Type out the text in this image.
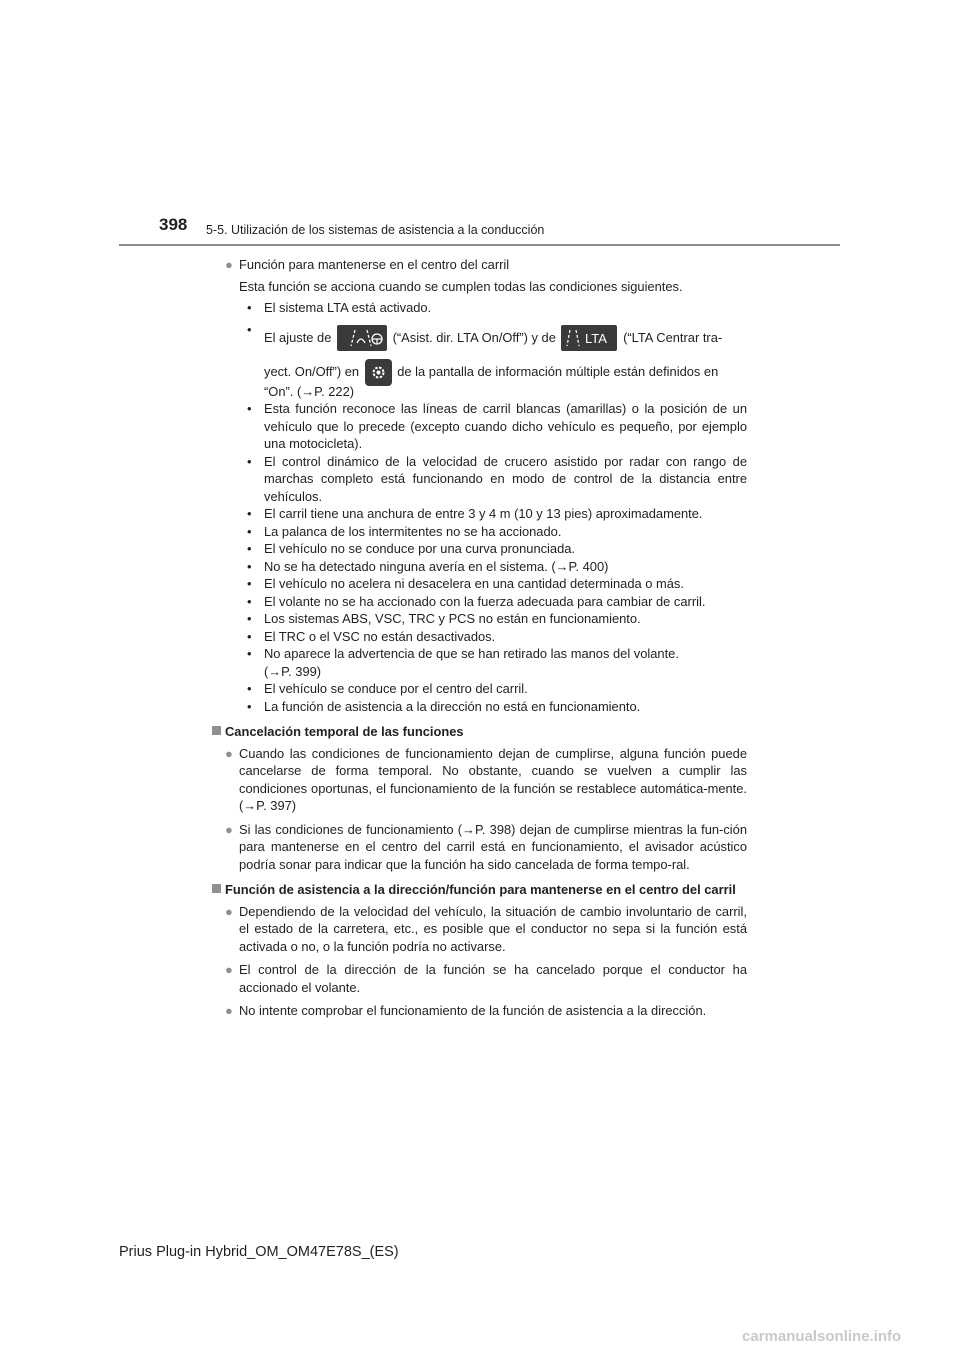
398 5-5. Utilización de los sistemas de asistencia a la conducción
● Función para mantenerse en el centro del carril
Esta función se acciona cuando se cumplen todas las condiciones siguientes.
• El sistema LTA está activado.
•
El ajuste de	(“Asist. dir. LTA On/Off”) y de LTA (“LTA Centrar tra-
yect. On/Off”) en	de la pantalla de información múltiple están definidos en
“On”. (→P. 222)
• Esta función reconoce las líneas de carril blancas (amarillas) o la posición de un vehículo que lo precede (excepto cuando dicho vehículo es pequeño, por ejemplo una motocicleta).
• El control dinámico de la velocidad de crucero asistido por radar con rango de marchas completo está funcionando en modo de control de la distancia entre vehículos.
• El carril tiene una anchura de entre 3 y 4 m (10 y 13 pies) aproximadamente.
• La palanca de los intermitentes no se ha accionado.
• El vehículo no se conduce por una curva pronunciada.
• No se ha detectado ninguna avería en el sistema. (→P. 400)
• El vehículo no acelera ni desacelera en una cantidad determinada o más.
• El volante no se ha accionado con la fuerza adecuada para cambiar de carril.
• Los sistemas ABS, VSC, TRC y PCS no están en funcionamiento.
• El TRC o el VSC no están desactivados.
• No aparece la advertencia de que se han retirado las manos del volante.
(→P. 399)
• El vehículo se conduce por el centro del carril.
• La función de asistencia a la dirección no está en funcionamiento.
Cancelación temporal de las funciones
● Cuando las condiciones de funcionamiento dejan de cumplirse, alguna función puede cancelarse de forma temporal. No obstante, cuando se vuelven a cumplir las condiciones oportunas, el funcionamiento de la función se restablece automática-mente. (→P. 397)
● Si las condiciones de funcionamiento (→P. 398) dejan de cumplirse mientras la fun-ción para mantenerse en el centro del carril está en funcionamiento, el avisador acústico podría sonar para indicar que la función ha sido cancelada de forma tempo-ral.
Función de asistencia a la dirección/función para mantenerse en el centro del carril
● Dependiendo de la velocidad del vehículo, la situación de cambio involuntario de carril, el estado de la carretera, etc., es posible que el conductor no sepa si la función está activada o no, o la función podría no activarse.
● El control de la dirección de la función se ha cancelado porque el conductor ha accionado el volante.
● No intente comprobar el funcionamiento de la función de asistencia a la dirección.
Prius Plug-in Hybrid_OM_OM47E78S_(ES)
carmanualsonline.info
